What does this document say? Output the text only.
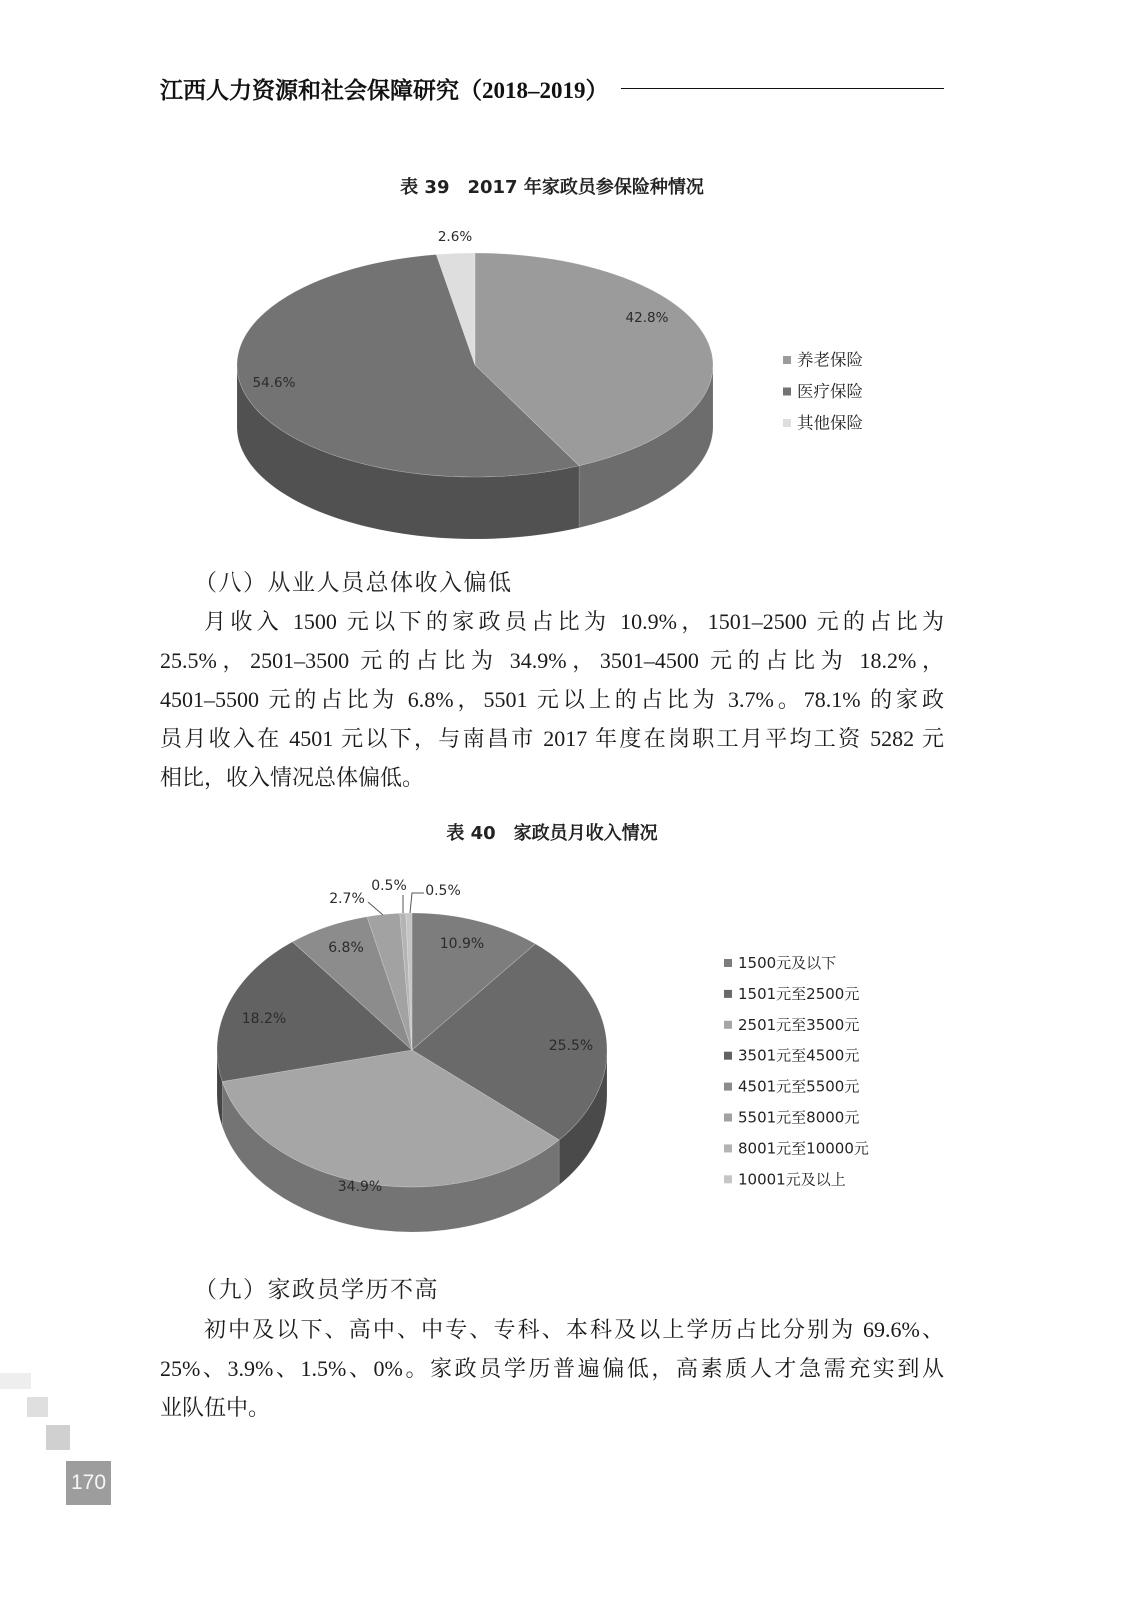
江西人力资源和社会保障研究（2018–2019）
表 39　2017 年家政员参保险种情况
42.8%
54.6%
2.6%
养老保险
医疗保险
其他保险
（八）从业人员总体收入偏低
月收入 1500 元以下的家政员占比为 10.9%，1501–2500 元的占比为
25.5%，2501–3500 元的占比为 34.9%，3501–4500 元的占比为 18.2%，
4501–5500 元的占比为 6.8%，5501 元以上的占比为 3.7%。78.1% 的家政
员月收入在 4501 元以下，与南昌市 2017 年度在岗职工月平均工资 5282 元
相比，收入情况总体偏低。
表 40　家政员月收入情况
10.9%
25.5%
34.9%
18.2%
6.8%
2.7%
0.5% 0.5%
1500元及以下
1501元至2500元
2501元至3500元
3501元至4500元
4501元至5500元
5501元至8000元
8001元至10000元
10001元及以上
（九）家政员学历不高
初中及以下、高中、中专、专科、本科及以上学历占比分别为 69.6%、
25%、3.9%、1.5%、0%。家政员学历普遍偏低，高素质人才急需充实到从
业队伍中。
170
